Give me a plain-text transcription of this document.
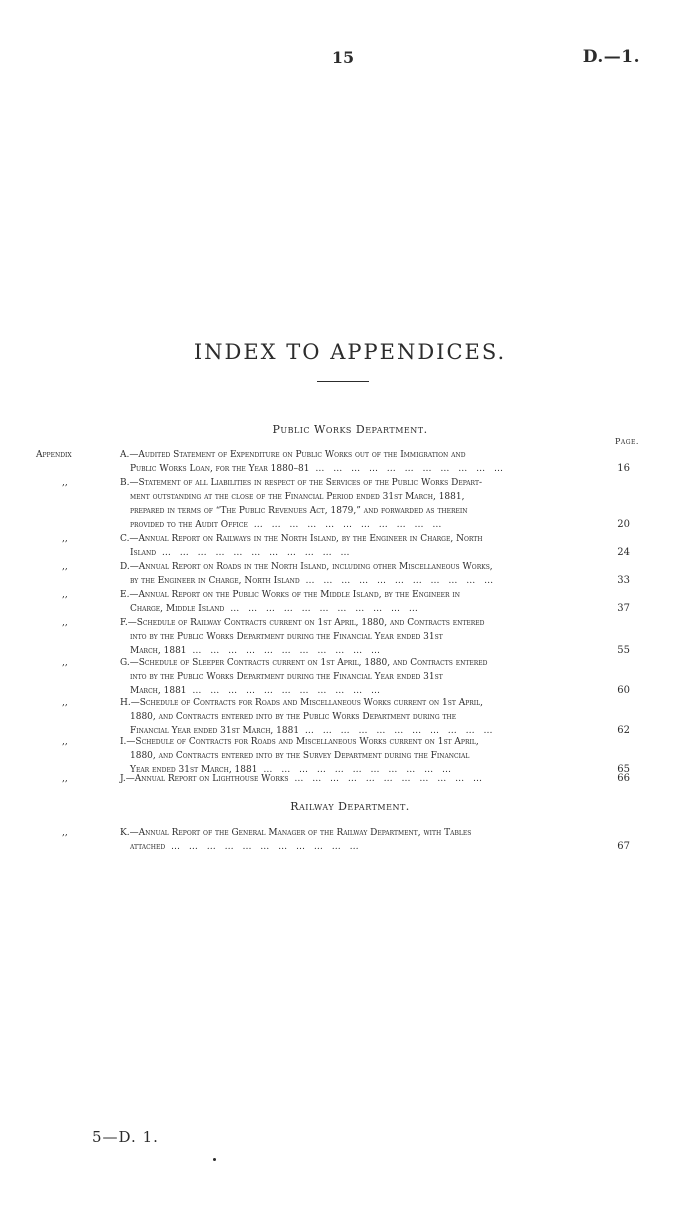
15	D.—1.
INDEX TO APPENDICES.
Public Works Department.
Page.
Appendix	A.—Audited Statement of Expenditure on Public Works out of the Immigration and
Public Works Loan, for the Year 1880–81 … … … … … … … … … … …	16
,,	B.—Statement of all Liabilities in respect of the Services of the Public Works Depart-
ment outstanding at the close of the Financial Period ended 31st March, 1881,
prepared in terms of “The Public Revenues Act, 1879,” and forwarded as therein
provided to the Audit Office … … … … … … … … … … …	20
,,	C.—Annual Report on Railways in the North Island, by the Engineer in Charge, North
Island … … … … … … … … … … …	24
,,	D.—Annual Report on Roads in the North Island, including other Miscellaneous Works,
by the Engineer in Charge, North Island … … … … … … … … … … …	33
,,	E.—Annual Report on the Public Works of the Middle Island, by the Engineer in
Charge, Middle Island … … … … … … … … … … …	37
,,	F.—Schedule of Railway Contracts current on 1st April, 1880, and Contracts entered
into by the Public Works Department during the Financial Year ended 31st
March, 1881 … … … … … … … … … … …	55
,,	G.—Schedule of Sleeper Contracts current on 1st April, 1880, and Contracts entered
into by the Public Works Department during the Financial Year ended 31st
March, 1881 … … … … … … … … … … …	60
,,	H.—Schedule of Contracts for Roads and Miscellaneous Works current on 1st April,
1880, and Contracts entered into by the Public Works Department during the
Financial Year ended 31st March, 1881 … … … … … … … … … … …	62
,,	I.—Schedule of Contracts for Roads and Miscellaneous Works current on 1st April,
1880, and Contracts entered into by the Survey Department during the Financial
Year ended 31st March, 1881 … … … … … … … … … … …	65
,,	J.—Annual Report on Lighthouse Works … … … … … … … … … … …	66
Railway Department.
,,	K.—Annual Report of the General Manager of the Railway Department, with Tables
attached … … … … … … … … … … …	67
5—D. 1.
